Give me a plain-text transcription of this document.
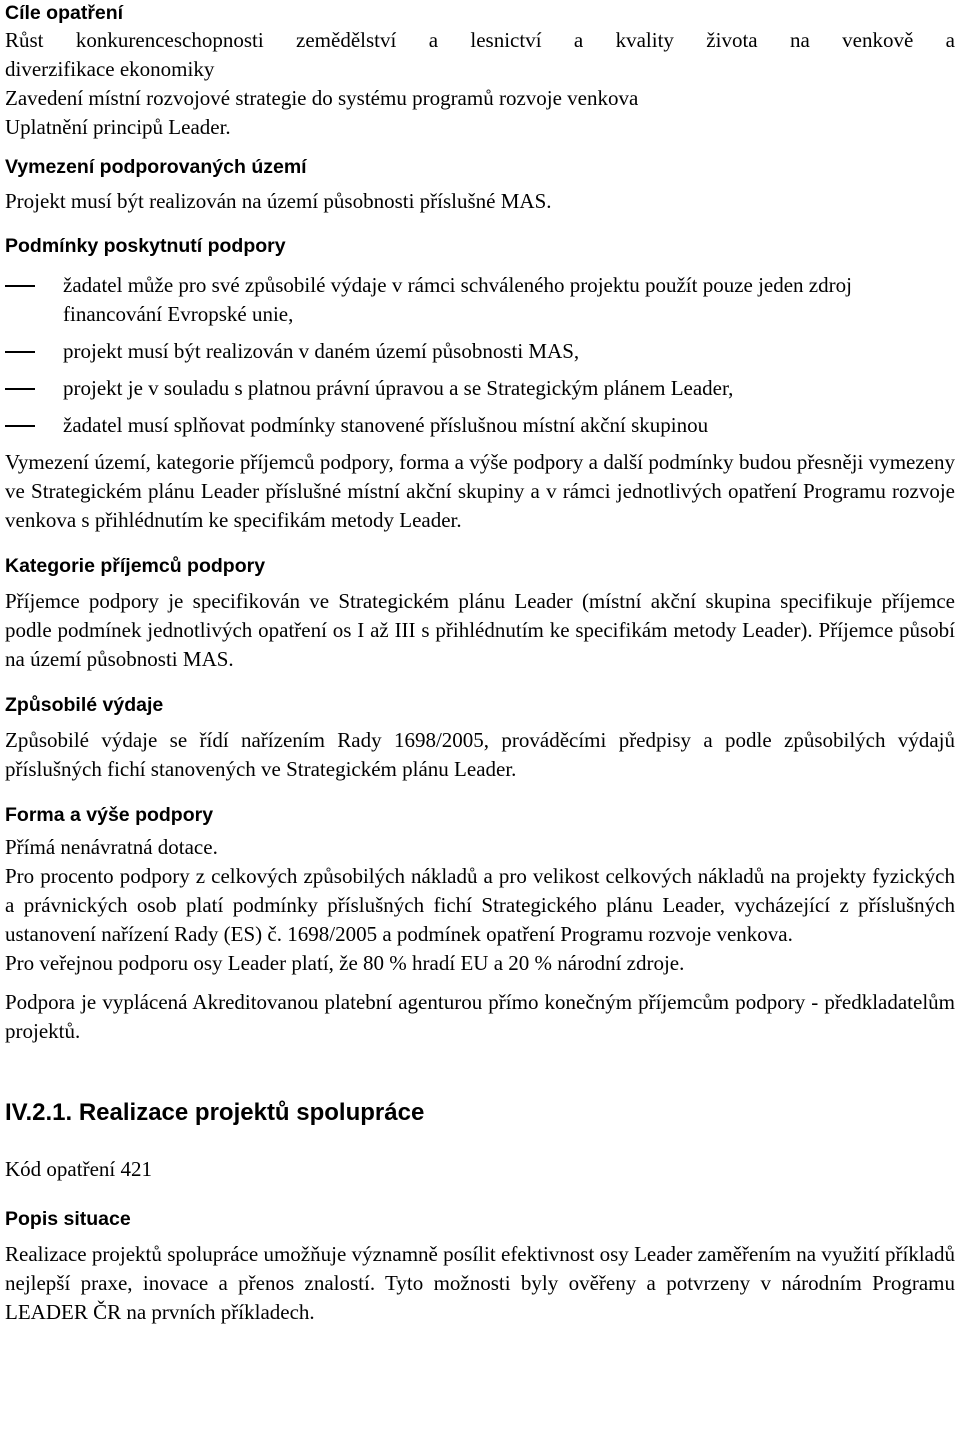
Cíle opatření

Růst konkurenceschopnosti zemědělství a lesnictví a kvality života na venkově a
diverzifikace ekonomiky

Zavedení místní rozvojové strategie do systému programů rozvoje venkova

Uplatnění principů Leader.

Vymezení podporovaných území

Projekt musí být realizován na území působnosti příslušné MAS.

Podmínky poskytnutí podpory

žadatel může pro své způsobilé výdaje v rámci schváleného projektu použít pouze jeden zdroj financování Evropské unie,
projekt musí být realizován v daném území působnosti MAS,
projekt je v souladu s platnou právní úpravou a se Strategickým plánem Leader,
žadatel musí splňovat podmínky stanovené příslušnou místní akční skupinou

Vymezení území, kategorie příjemců podpory, forma a výše podpory a další podmínky budou přesněji vymezeny ve Strategickém plánu Leader příslušné místní akční skupiny a v rámci jednotlivých opatření Programu rozvoje venkova s přihlédnutím ke specifikám metody Leader.

Kategorie příjemců podpory

Příjemce podpory je specifikován ve Strategickém plánu Leader (místní akční skupina specifikuje příjemce podle podmínek jednotlivých opatření os I až III s přihlédnutím ke specifikám metody Leader). Příjemce působí na území působnosti MAS.

Způsobilé výdaje

Způsobilé výdaje se řídí nařízením Rady 1698/2005, prováděcími předpisy a podle způsobilých výdajů příslušných fichí stanovených ve Strategickém plánu Leader.

Forma a výše podpory

Přímá nenávratná dotace.

Pro procento podpory z celkových způsobilých nákladů a pro velikost celkových nákladů na projekty fyzických a právnických osob platí podmínky příslušných fichí Strategického plánu Leader, vycházející z příslušných ustanovení nařízení Rady (ES) č. 1698/2005 a podmínek opatření Programu rozvoje venkova.

Pro veřejnou podporu osy Leader platí, že 80 % hradí EU a 20 % národní zdroje.

Podpora je vyplácená Akreditovanou platební agenturou přímo konečným příjemcům podpory - předkladatelům projektů.

IV.2.1. Realizace projektů spolupráce

Kód opatření 421

Popis situace

Realizace projektů spolupráce umožňuje významně posílit efektivnost osy Leader zaměřením na využití příkladů nejlepší praxe, inovace a přenos znalostí. Tyto možnosti byly ověřeny a potvrzeny v národním Programu LEADER ČR na prvních příkladech.
